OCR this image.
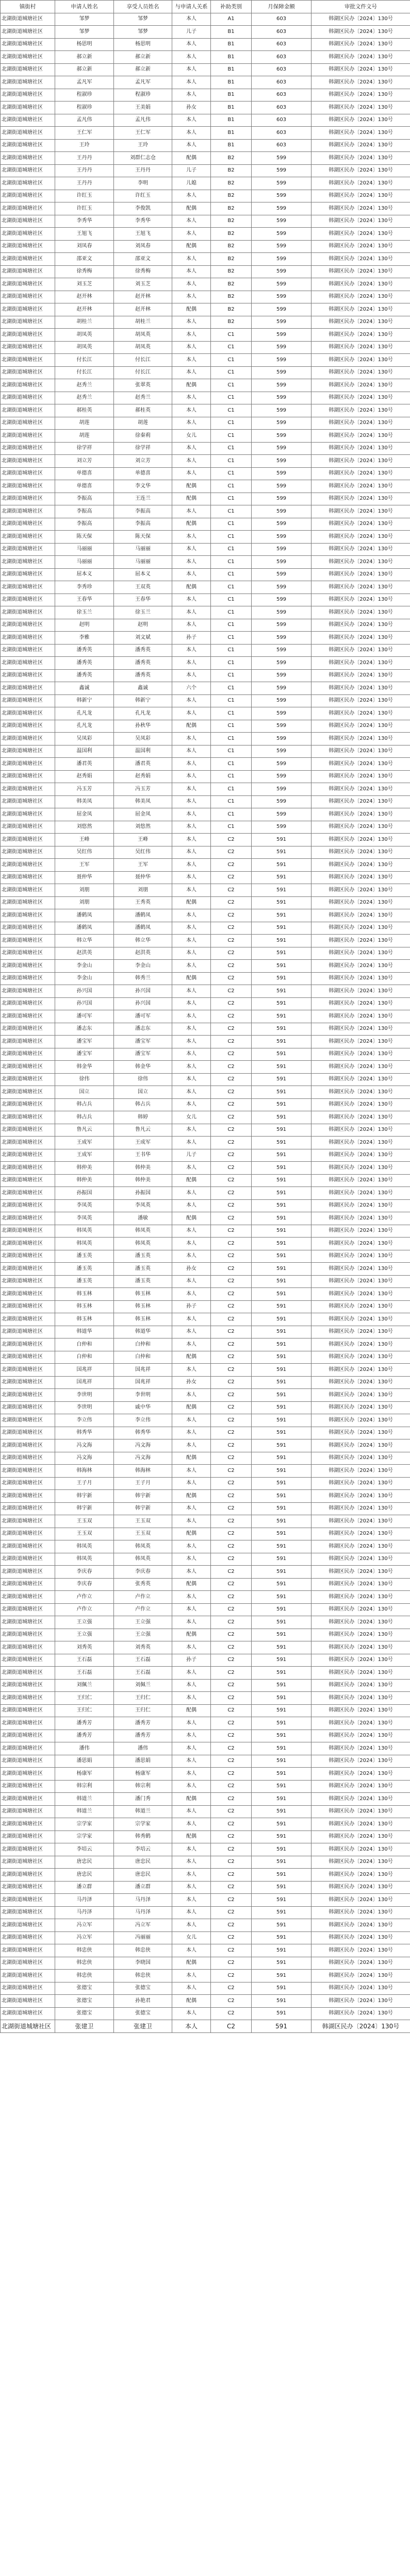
镇街村	申请人姓名	享受人员姓名	与申请人关系	补助类别	月保障金额	审批文件文号
北湖街道城塘社区	邹梦	邹梦	本人	A1	603	韩湖区民办〔2024〕130号
北湖街道城塘社区	邹梦	邹梦	儿子	B1	603	韩湖区民办〔2024〕130号
北湖街道城塘社区	杨思明	杨思明	本人	B1	603	韩湖区民办〔2024〕130号
北湖街道城塘社区	郝立新	郝立新	本人	B1	603	韩湖区民办〔2024〕130号
北湖街道城塘社区	郝立新	郝立新	本人	B1	603	韩湖区民办〔2024〕130号
北湖街道城塘社区	孟凡军	孟凡军	本人	B1	603	韩湖区民办〔2024〕130号
北湖街道城塘社区	程淑珍	程淑珍	本人	B1	603	韩湖区民办〔2024〕130号
北湖街道城塘社区	程淑珍	王美娟	孙女	B1	603	韩湖区民办〔2024〕130号
北湖街道城塘社区	孟凡伟	孟凡伟	本人	B1	603	韩湖区民办〔2024〕130号
北湖街道城塘社区	王仁军	王仁军	本人	B1	603	韩湖区民办〔2024〕130号
北湖街道城塘社区	王玲	王玲	本人	B1	603	韩湖区民办〔2024〕130号
北湖街道城塘社区	王丹丹	刘群仁志仓	配偶	B2	599	韩湖区民办〔2024〕130号
北湖街道城塘社区	王丹丹	王丹丹	儿子	B2	599	韩湖区民办〔2024〕130号
北湖街道城塘社区	王丹丹	李明	儿媳	B2	599	韩湖区民办〔2024〕130号
北湖街道城塘社区	许红玉	许红玉	本人	B2	599	韩湖区民办〔2024〕130号
北湖街道城塘社区	许红玉	李俊凯	配偶	B2	599	韩湖区民办〔2024〕130号
北湖街道城塘社区	李秀华	李秀华	本人	B2	599	韩湖区民办〔2024〕130号
北湖街道城塘社区	王旭飞	王旭飞	本人	B2	599	韩湖区民办〔2024〕130号
北湖街道城塘社区	刘凤春	刘凤春	配偶	B2	599	韩湖区民办〔2024〕130号
北湖街道城塘社区	邵亚文	邵亚文	本人	B2	599	韩湖区民办〔2024〕130号
北湖街道城塘社区	徐秀梅	徐秀梅	本人	B2	599	韩湖区民办〔2024〕130号
北湖街道城塘社区	刘玉芝	刘玉芝	本人	B2	599	韩湖区民办〔2024〕130号
北湖街道城塘社区	赵开林	赵开林	本人	B2	599	韩湖区民办〔2024〕130号
北湖街道城塘社区	赵开林	赵开林	配偶	B2	599	韩湖区民办〔2024〕130号
北湖街道城塘社区	胡桂兰	胡桂兰	本人	B2	599	韩湖区民办〔2024〕130号
北湖街道城塘社区	胡凤英	胡凤英	本人	C1	599	韩湖区民办〔2024〕130号
北湖街道城塘社区	胡凤英	胡凤英	本人	C1	599	韩湖区民办〔2024〕130号
北湖街道城塘社区	付长江	付长江	本人	C1	599	韩湖区民办〔2024〕130号
北湖街道城塘社区	付长江	付长江	本人	C1	599	韩湖区民办〔2024〕130号
北湖街道城塘社区	赵秀兰	张翠英	配偶	C1	599	韩湖区民办〔2024〕130号
北湖街道城塘社区	赵秀兰	赵秀兰	本人	C1	599	韩湖区民办〔2024〕130号
北湖街道城塘社区	郝桂英	郝桂英	本人	C1	599	韩湖区民办〔2024〕130号
北湖街道城塘社区	胡莲	胡莲	本人	C1	599	韩湖区民办〔2024〕130号
北湖街道城塘社区	胡莲	徐秦莉	女儿	C1	599	韩湖区民办〔2024〕130号
北湖街道城塘社区	徐学祥	徐学祥	本人	C1	599	韩湖区民办〔2024〕130号
北湖街道城塘社区	刘立芳	刘立芳	本人	C1	599	韩湖区民办〔2024〕130号
北湖街道城塘社区	单德喜	单德喜	本人	C1	599	韩湖区民办〔2024〕130号
北湖街道城塘社区	单德喜	李文华	配偶	C1	599	韩湖区民办〔2024〕130号
北湖街道城塘社区	李振高	王连兰	配偶	C1	599	韩湖区民办〔2024〕130号
北湖街道城塘社区	李振高	李振高	本人	C1	599	韩湖区民办〔2024〕130号
北湖街道城塘社区	李振高	李振高	配偶	C1	599	韩湖区民办〔2024〕130号
北湖街道城塘社区	陈天保	陈天保	本人	C1	599	韩湖区民办〔2024〕130号
北湖街道城塘社区	马丽丽	马丽丽	本人	C1	599	韩湖区民办〔2024〕130号
北湖街道城塘社区	马丽丽	马丽丽	本人	C1	599	韩湖区民办〔2024〕130号
北湖街道城塘社区	屈本义	屈本义	本人	C1	599	韩湖区民办〔2024〕130号
北湖街道城塘社区	李秀珍	王双英	配偶	C1	599	韩湖区民办〔2024〕130号
北湖街道城塘社区	王春华	王春华	本人	C1	599	韩湖区民办〔2024〕130号
北湖街道城塘社区	徐玉兰	徐玉兰	本人	C1	599	韩湖区民办〔2024〕130号
北湖街道城塘社区	赵明	赵明	本人	C1	599	韩湖区民办〔2024〕130号
北湖街道城塘社区	李雅	刘文斌	孙子	C1	599	韩湖区民办〔2024〕130号
北湖街道城塘社区	潘秀英	潘秀英	本人	C1	599	韩湖区民办〔2024〕130号
北湖街道城塘社区	潘秀英	潘秀英	本人	C1	599	韩湖区民办〔2024〕130号
北湖街道城塘社区	潘秀英	潘秀英	本人	C1	599	韩湖区民办〔2024〕130号
北湖街道城塘社区	鑫诚	鑫诚	六个	C1	599	韩湖区民办〔2024〕130号
北湖街道城塘社区	韩新宁	韩新宁	本人	C1	599	韩湖区民办〔2024〕130号
北湖街道城塘社区	孔凡龙	孔凡龙	本人	C1	599	韩湖区民办〔2024〕130号
北湖街道城塘社区	孔凡龙	孙秋华	配偶	C1	599	韩湖区民办〔2024〕130号
北湖街道城塘社区	吴凤彩	吴凤彩	本人	C1	599	韩湖区民办〔2024〕130号
北湖街道城塘社区	温国利	温国利	本人	C1	599	韩湖区民办〔2024〕130号
北湖街道城塘社区	潘君英	潘君英	本人	C1	599	韩湖区民办〔2024〕130号
北湖街道城塘社区	赵秀娟	赵秀娟	本人	C1	599	韩湖区民办〔2024〕130号
北湖街道城塘社区	冯玉芳	冯玉芳	本人	C1	599	韩湖区民办〔2024〕130号
北湖街道城塘社区	韩美凤	韩美凤	本人	C1	599	韩湖区民办〔2024〕130号
北湖街道城塘社区	屈金凤	屈金凤	本人	C1	599	韩湖区民办〔2024〕130号
北湖街道城塘社区	刘悠然	刘悠然	本人	C1	599	韩湖区民办〔2024〕130号
北湖街道城塘社区	王峰	王峰	本人	C2	591	韩湖区民办〔2024〕130号
北湖街道城塘社区	吴红伟	吴红伟	本人	C2	591	韩湖区民办〔2024〕130号
北湖街道城塘社区	王军	王军	本人	C2	591	韩湖区民办〔2024〕130号
北湖街道城塘社区	聂仲华	聂仲华	本人	C2	591	韩湖区民办〔2024〕130号
北湖街道城塘社区	刘朋	刘朋	本人	C2	591	韩湖区民办〔2024〕130号
北湖街道城塘社区	刘朋	王秀英	配偶	C2	591	韩湖区民办〔2024〕130号
北湖街道城塘社区	潘鹤凤	潘鹤凤	本人	C2	591	韩湖区民办〔2024〕130号
北湖街道城塘社区	潘鹤凤	潘鹤凤	本人	C2	591	韩湖区民办〔2024〕130号
北湖街道城塘社区	韩立华	韩立华	本人	C2	591	韩湖区民办〔2024〕130号
北湖街道城塘社区	赵洪英	赵洪英	本人	C2	591	韩湖区民办〔2024〕130号
北湖街道城塘社区	李金山	李金山	本人	C2	591	韩湖区民办〔2024〕130号
北湖街道城塘社区	李金山	韩秀兰	配偶	C2	591	韩湖区民办〔2024〕130号
北湖街道城塘社区	孙兴国	孙兴国	本人	C2	591	韩湖区民办〔2024〕130号
北湖街道城塘社区	孙兴国	孙兴国	本人	C2	591	韩湖区民办〔2024〕130号
北湖街道城塘社区	潘可军	潘可军	本人	C2	591	韩湖区民办〔2024〕130号
北湖街道城塘社区	潘志东	潘志东	本人	C2	591	韩湖区民办〔2024〕130号
北湖街道城塘社区	潘宝军	潘宝军	本人	C2	591	韩湖区民办〔2024〕130号
北湖街道城塘社区	潘宝军	潘宝军	本人	C2	591	韩湖区民办〔2024〕130号
北湖街道城塘社区	韩金华	韩金华	本人	C2	591	韩湖区民办〔2024〕130号
北湖街道城塘社区	徐伟	徐伟	本人	C2	591	韩湖区民办〔2024〕130号
北湖街道城塘社区	国立	国立	本人	C2	591	韩湖区民办〔2024〕130号
北湖街道城塘社区	韩占兵	韩占兵	本人	C2	591	韩湖区民办〔2024〕130号
北湖街道城塘社区	韩占兵	韩婷	女儿	C2	591	韩湖区民办〔2024〕130号
北湖街道城塘社区	鲁凡云	鲁凡云	本人	C2	591	韩湖区民办〔2024〕130号
北湖街道城塘社区	王成军	王成军	本人	C2	591	韩湖区民办〔2024〕130号
北湖街道城塘社区	王成军	王书华	儿子	C2	591	韩湖区民办〔2024〕130号
北湖街道城塘社区	韩仲美	韩仲美	本人	C2	591	韩湖区民办〔2024〕130号
北湖街道城塘社区	韩仲美	韩仲美	配偶	C2	591	韩湖区民办〔2024〕130号
北湖街道城塘社区	孙振国	孙振国	本人	C2	591	韩湖区民办〔2024〕130号
北湖街道城塘社区	李凤英	李凤英	本人	C2	591	韩湖区民办〔2024〕130号
北湖街道城塘社区	李凤英	潘敏	配偶	C2	591	韩湖区民办〔2024〕130号
北湖街道城塘社区	韩凤英	韩凤英	本人	C2	591	韩湖区民办〔2024〕130号
北湖街道城塘社区	韩凤英	韩凤英	本人	C2	591	韩湖区民办〔2024〕130号
北湖街道城塘社区	潘玉英	潘玉英	本人	C2	591	韩湖区民办〔2024〕130号
北湖街道城塘社区	潘玉英	潘玉英	孙女	C2	591	韩湖区民办〔2024〕130号
北湖街道城塘社区	潘玉英	潘玉英	本人	C2	591	韩湖区民办〔2024〕130号
北湖街道城塘社区	韩玉林	韩玉林	本人	C2	591	韩湖区民办〔2024〕130号
北湖街道城塘社区	韩玉林	韩玉林	孙子	C2	591	韩湖区民办〔2024〕130号
北湖街道城塘社区	韩玉林	韩玉林	本人	C2	591	韩湖区民办〔2024〕130号
北湖街道城塘社区	韩道华	韩道华	本人	C2	591	韩湖区民办〔2024〕130号
北湖街道城塘社区	白仲和	白仲和	本人	C2	591	韩湖区民办〔2024〕130号
北湖街道城塘社区	白仲和	白仲和	配偶	C2	591	韩湖区民办〔2024〕130号
北湖街道城塘社区	国兆祥	国兆祥	本人	C2	591	韩湖区民办〔2024〕130号
北湖街道城塘社区	国兆祥	国兆祥	孙女	C2	591	韩湖区民办〔2024〕130号
北湖街道城塘社区	李世明	李世明	本人	C2	591	韩湖区民办〔2024〕130号
北湖街道城塘社区	李世明	戚中华	配偶	C2	591	韩湖区民办〔2024〕130号
北湖街道城塘社区	李立伟	李立伟	本人	C2	591	韩湖区民办〔2024〕130号
北湖街道城塘社区	韩秀华	韩秀华	本人	C2	591	韩湖区民办〔2024〕130号
北湖街道城塘社区	冯文海	冯文海	本人	C2	591	韩湖区民办〔2024〕130号
北湖街道城塘社区	冯文海	冯文海	配偶	C2	591	韩湖区民办〔2024〕130号
北湖街道城塘社区	韩海林	韩海林	本人	C2	591	韩湖区民办〔2024〕130号
北湖街道城塘社区	王子月	王子月	本人	C2	591	韩湖区民办〔2024〕130号
北湖街道城塘社区	韩宇新	韩宇新	配偶	C2	591	韩湖区民办〔2024〕130号
北湖街道城塘社区	韩宇新	韩宇新	本人	C2	591	韩湖区民办〔2024〕130号
北湖街道城塘社区	王玉双	王玉双	本人	C2	591	韩湖区民办〔2024〕130号
北湖街道城塘社区	王玉双	王玉双	配偶	C2	591	韩湖区民办〔2024〕130号
北湖街道城塘社区	韩凤英	韩凤英	本人	C2	591	韩湖区民办〔2024〕130号
北湖街道城塘社区	韩凤英	韩凤英	本人	C2	591	韩湖区民办〔2024〕130号
北湖街道城塘社区	李庆春	李庆春	本人	C2	591	韩湖区民办〔2024〕130号
北湖街道城塘社区	李庆春	张秀英	配偶	C2	591	韩湖区民办〔2024〕130号
北湖街道城塘社区	卢作立	卢作立	本人	C2	591	韩湖区民办〔2024〕130号
北湖街道城塘社区	卢作立	卢作立	本人	C2	591	韩湖区民办〔2024〕130号
北湖街道城塘社区	王立强	王立强	本人	C2	591	韩湖区民办〔2024〕130号
北湖街道城塘社区	王立强	王立强	配偶	C2	591	韩湖区民办〔2024〕130号
北湖街道城塘社区	刘秀英	刘秀英	本人	C2	591	韩湖区民办〔2024〕130号
北湖街道城塘社区	王石磊	王石磊	孙子	C2	591	韩湖区民办〔2024〕130号
北湖街道城塘社区	王石磊	王石磊	本人	C2	591	韩湖区民办〔2024〕130号
北湖街道城塘社区	刘佩兰	刘佩兰	本人	C2	591	韩湖区民办〔2024〕130号
北湖街道城塘社区	王归仁	王归仁	本人	C2	591	韩湖区民办〔2024〕130号
北湖街道城塘社区	王归仁	王归仁	配偶	C2	591	韩湖区民办〔2024〕130号
北湖街道城塘社区	潘秀芳	潘秀芳	本人	C2	591	韩湖区民办〔2024〕130号
北湖街道城塘社区	潘秀芳	潘秀芳	本人	C2	591	韩湖区民办〔2024〕130号
北湖街道城塘社区	潘伟	潘伟	本人	C2	591	韩湖区民办〔2024〕130号
北湖街道城塘社区	潘思娟	潘思娟	本人	C2	591	韩湖区民办〔2024〕130号
北湖街道城塘社区	杨康军	杨康军	本人	C2	591	韩湖区民办〔2024〕130号
北湖街道城塘社区	韩宗利	韩宗利	本人	C2	591	韩湖区民办〔2024〕130号
北湖街道城塘社区	韩道兰	潘门秀	配偶	C2	591	韩湖区民办〔2024〕130号
北湖街道城塘社区	韩道兰	韩道兰	本人	C2	591	韩湖区民办〔2024〕130号
北湖街道城塘社区	宗学家	宗学家	本人	C2	591	韩湖区民办〔2024〕130号
北湖街道城塘社区	宗学家	韩秀鹤	配偶	C2	591	韩湖区民办〔2024〕130号
北湖街道城塘社区	李培云	李培云	本人	C2	591	韩湖区民办〔2024〕130号
北湖街道城塘社区	唐忠民	唐忠民	本人	C2	591	韩湖区民办〔2024〕130号
北湖街道城塘社区	唐忠民	唐忠民	本人	C2	591	韩湖区民办〔2024〕130号
北湖街道城塘社区	潘立群	潘立群	本人	C2	591	韩湖区民办〔2024〕130号
北湖街道城塘社区	马丹泽	马丹泽	本人	C2	591	韩湖区民办〔2024〕130号
北湖街道城塘社区	马丹泽	马丹泽	本人	C2	591	韩湖区民办〔2024〕130号
北湖街道城塘社区	冯立军	冯立军	本人	C2	591	韩湖区民办〔2024〕130号
北湖街道城塘社区	冯立军	冯丽丽	女儿	C2	591	韩湖区民办〔2024〕130号
北湖街道城塘社区	韩忠侠	韩忠侠	本人	C2	591	韩湖区民办〔2024〕130号
北湖街道城塘社区	韩忠侠	李晓国	配偶	C2	591	韩湖区民办〔2024〕130号
北湖街道城塘社区	韩忠侠	韩忠侠	本人	C2	591	韩湖区民办〔2024〕130号
北湖街道城塘社区	张德宝	张德宝	本人	C2	591	韩湖区民办〔2024〕130号
北湖街道城塘社区	张德宝	孙艳君	配偶	C2	591	韩湖区民办〔2024〕130号
北湖街道城塘社区	张德宝	张德宝	本人	C2	591	韩湖区民办〔2024〕130号
北湖街道城塘社区	张建卫	张建卫	本人	C2	591	韩湖区民办〔2024〕130号
